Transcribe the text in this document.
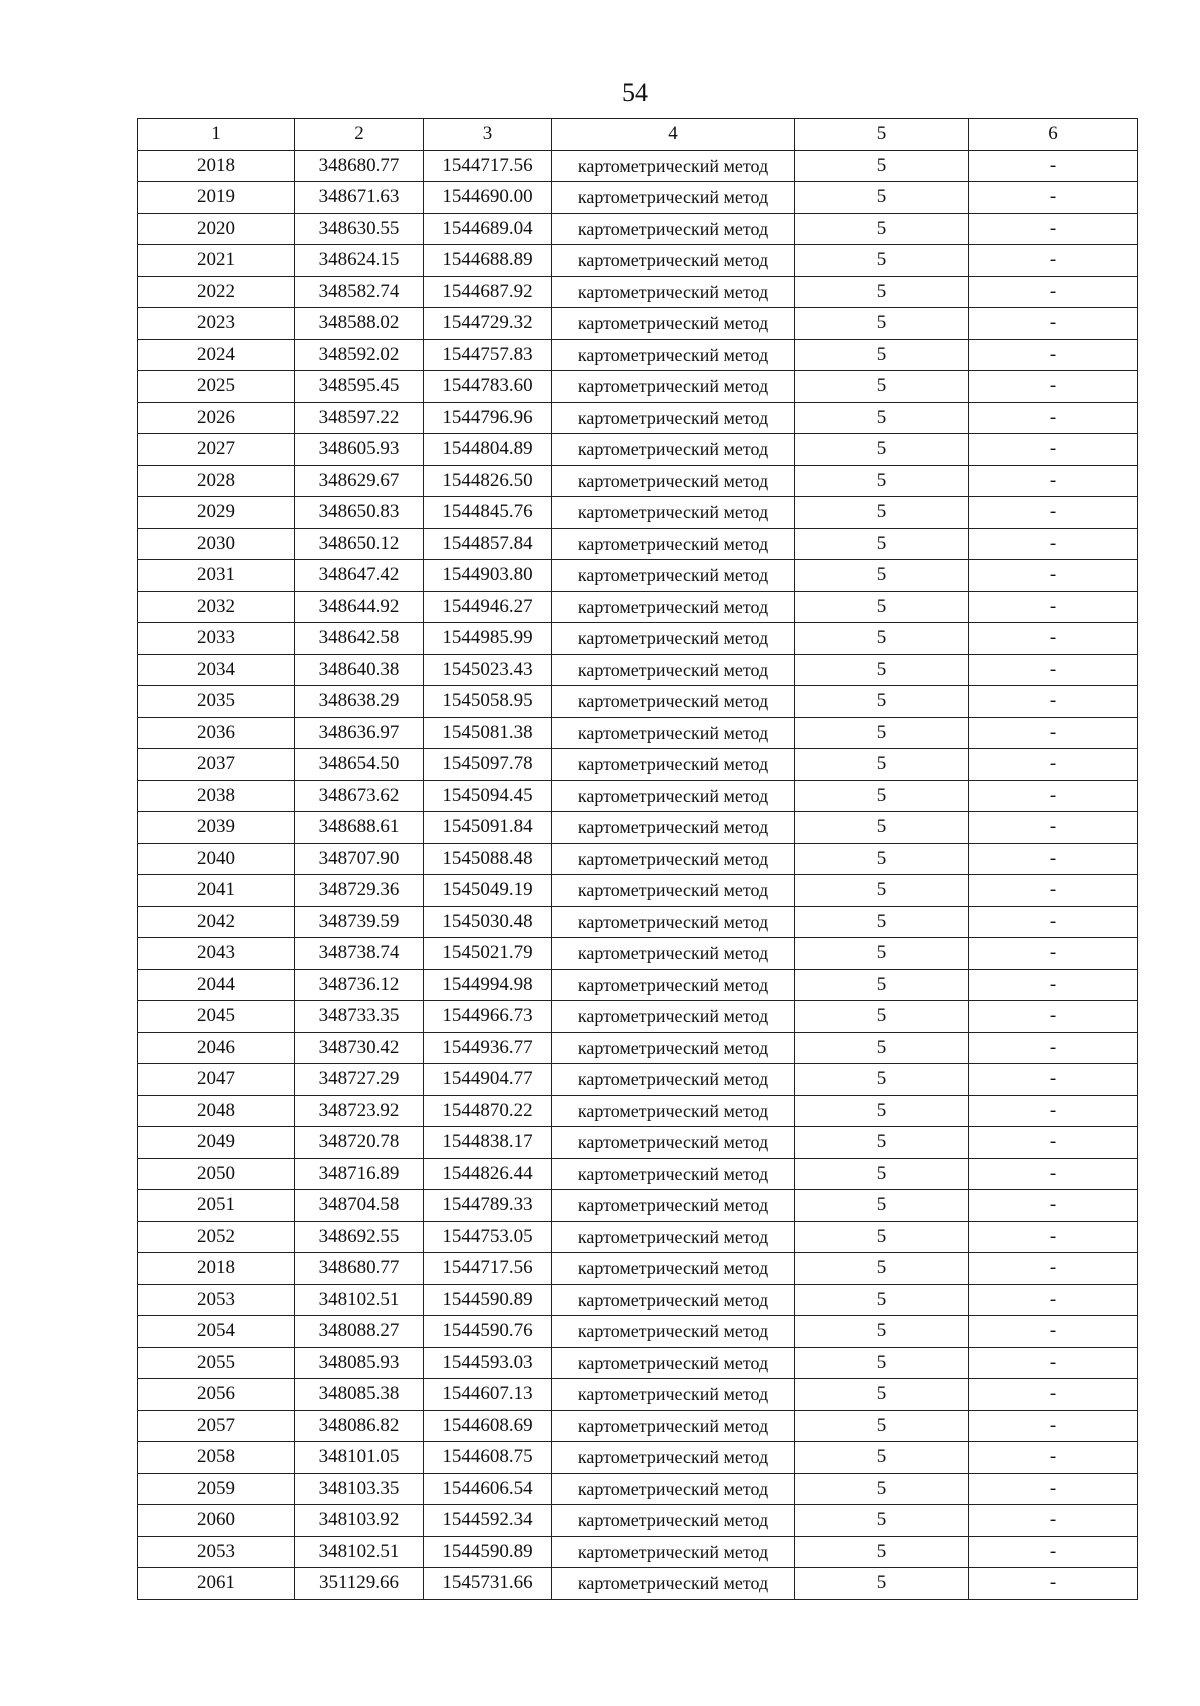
54
1	2	3	4	5	6
2018	348680.77	1544717.56	картометрический метод	5	-
2019	348671.63	1544690.00	картометрический метод	5	-
2020	348630.55	1544689.04	картометрический метод	5	-
2021	348624.15	1544688.89	картометрический метод	5	-
2022	348582.74	1544687.92	картометрический метод	5	-
2023	348588.02	1544729.32	картометрический метод	5	-
2024	348592.02	1544757.83	картометрический метод	5	-
2025	348595.45	1544783.60	картометрический метод	5	-
2026	348597.22	1544796.96	картометрический метод	5	-
2027	348605.93	1544804.89	картометрический метод	5	-
2028	348629.67	1544826.50	картометрический метод	5	-
2029	348650.83	1544845.76	картометрический метод	5	-
2030	348650.12	1544857.84	картометрический метод	5	-
2031	348647.42	1544903.80	картометрический метод	5	-
2032	348644.92	1544946.27	картометрический метод	5	-
2033	348642.58	1544985.99	картометрический метод	5	-
2034	348640.38	1545023.43	картометрический метод	5	-
2035	348638.29	1545058.95	картометрический метод	5	-
2036	348636.97	1545081.38	картометрический метод	5	-
2037	348654.50	1545097.78	картометрический метод	5	-
2038	348673.62	1545094.45	картометрический метод	5	-
2039	348688.61	1545091.84	картометрический метод	5	-
2040	348707.90	1545088.48	картометрический метод	5	-
2041	348729.36	1545049.19	картометрический метод	5	-
2042	348739.59	1545030.48	картометрический метод	5	-
2043	348738.74	1545021.79	картометрический метод	5	-
2044	348736.12	1544994.98	картометрический метод	5	-
2045	348733.35	1544966.73	картометрический метод	5	-
2046	348730.42	1544936.77	картометрический метод	5	-
2047	348727.29	1544904.77	картометрический метод	5	-
2048	348723.92	1544870.22	картометрический метод	5	-
2049	348720.78	1544838.17	картометрический метод	5	-
2050	348716.89	1544826.44	картометрический метод	5	-
2051	348704.58	1544789.33	картометрический метод	5	-
2052	348692.55	1544753.05	картометрический метод	5	-
2018	348680.77	1544717.56	картометрический метод	5	-
2053	348102.51	1544590.89	картометрический метод	5	-
2054	348088.27	1544590.76	картометрический метод	5	-
2055	348085.93	1544593.03	картометрический метод	5	-
2056	348085.38	1544607.13	картометрический метод	5	-
2057	348086.82	1544608.69	картометрический метод	5	-
2058	348101.05	1544608.75	картометрический метод	5	-
2059	348103.35	1544606.54	картометрический метод	5	-
2060	348103.92	1544592.34	картометрический метод	5	-
2053	348102.51	1544590.89	картометрический метод	5	-
2061	351129.66	1545731.66	картометрический метод	5	-
